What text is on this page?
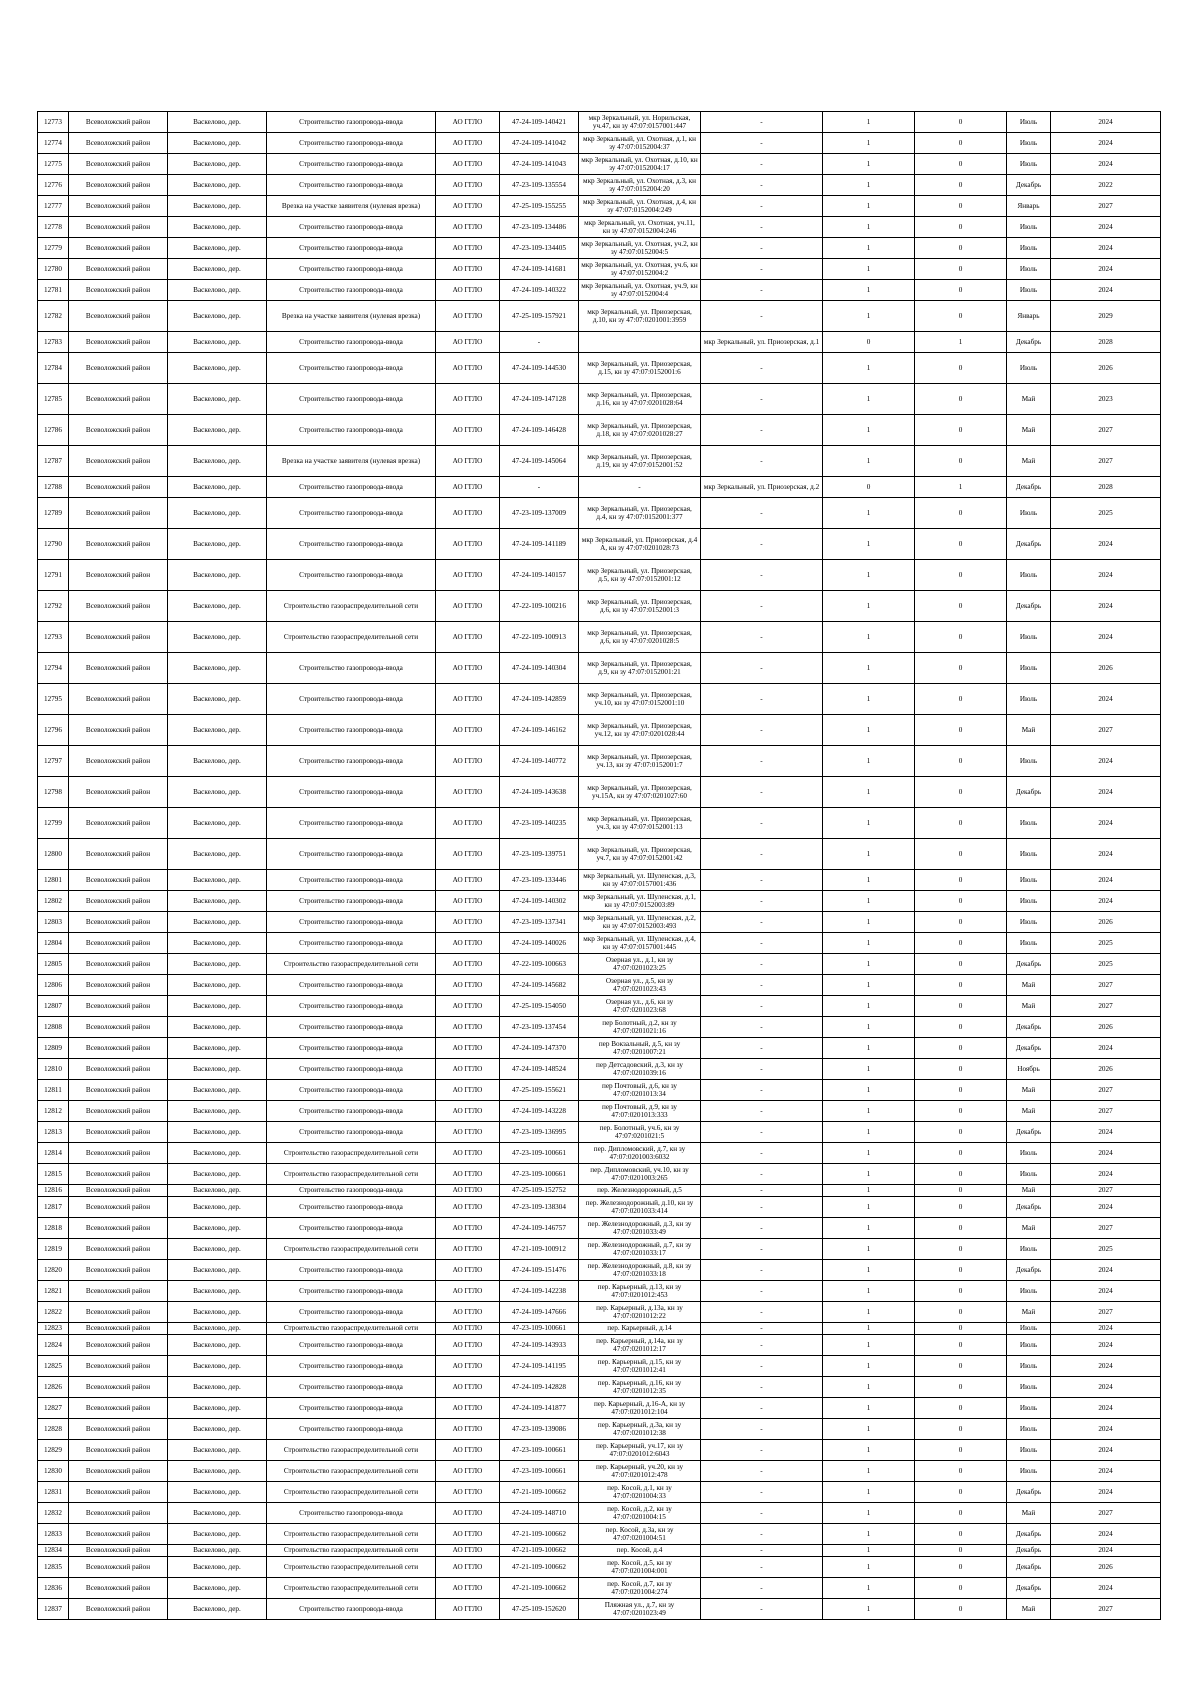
12773	Всеволожский район	Васкелово, дер.	Строительство газопровода-ввода	АО ГГЛО	47-24-109-140421	мкр Зеркальный, ул. Норильская, уч.47, кн зу 47:07:0157001:447	-	1	0	Июль	2024
12774	Всеволожский район	Васкелово, дер.	Строительство газопровода-ввода	АО ГГЛО	47-24-109-141042	мкр Зеркальный, ул. Охотная, д.1, кн зу 47:07:0152004:37	-	1	0	Июль	2024
12775	Всеволожский район	Васкелово, дер.	Строительство газопровода-ввода	АО ГГЛО	47-24-109-141043	мкр Зеркальный, ул. Охотная, д.10, кн зу 47:07:0152004:17	-	1	0	Июль	2024
12776	Всеволожский район	Васкелово, дер.	Строительство газопровода-ввода	АО ГГЛО	47-23-109-135554	мкр Зеркальный, ул. Охотная, д.3, кн зу 47:07:0152004:20	-	1	0	Декабрь	2022
12777	Всеволожский район	Васкелово, дер.	Врезка на участке заявителя (нулевая врезка)	АО ГГЛО	47-25-109-155255	мкр Зеркальный, ул. Охотная, д.4, кн зу 47:07:0152004:249	-	1	0	Январь	2027
12778	Всеволожский район	Васкелово, дер.	Строительство газопровода-ввода	АО ГГЛО	47-23-109-134486	мкр Зеркальный, ул. Охотная, уч.11, кн зу 47:07:0152004:246	-	1	0	Июль	2024
12779	Всеволожский район	Васкелово, дер.	Строительство газопровода-ввода	АО ГГЛО	47-23-109-134405	мкр Зеркальный, ул. Охотная, уч.2, кн зу 47:07:0152004:5	-	1	0	Июль	2024
12780	Всеволожский район	Васкелово, дер.	Строительство газопровода-ввода	АО ГГЛО	47-24-109-141681	мкр Зеркальный, ул. Охотная, уч.6, кн зу 47:07:0152004:2	-	1	0	Июль	2024
12781	Всеволожский район	Васкелово, дер.	Строительство газопровода-ввода	АО ГГЛО	47-24-109-140322	мкр Зеркальный, ул. Охотная, уч.9, кн зу 47:07:0152004:4	-	1	0	Июль	2024
12782	Всеволожский район	Васкелово, дер.	Врезка на участке заявителя (нулевая врезка)	АО ГГЛО	47-25-109-157921	мкр Зеркальный, ул. Приозерская, д.10, кн зу 47:07:0201001:3959	-	1	0	Январь	2029
12783	Всеволожский район	Васкелово, дер.	Строительство газопровода-ввода	АО ГГЛО	-		мкр Зеркальный, ул. Приозерская, д.1	0	1	Декабрь	2028
12784	Всеволожский район	Васкелово, дер.	Строительство газопровода-ввода	АО ГГЛО	47-24-109-144530	мкр Зеркальный, ул. Приозерская, д.15, кн зу 47:07:0152001:6	-	1	0	Июль	2026
12785	Всеволожский район	Васкелово, дер.	Строительство газопровода-ввода	АО ГГЛО	47-24-109-147128	мкр Зеркальный, ул. Приозерская, д.16, кн зу 47:07:0201028:64	-	1	0	Май	2023
12786	Всеволожский район	Васкелово, дер.	Строительство газопровода-ввода	АО ГГЛО	47-24-109-146428	мкр Зеркальный, ул. Приозерская, д.18, кн зу 47:07:0201028:27	-	1	0	Май	2027
12787	Всеволожский район	Васкелово, дер.	Врезка на участке заявителя (нулевая врезка)	АО ГГЛО	47-24-109-145064	мкр Зеркальный, ул. Приозерская, д.19, кн зу 47:07:0152001:52	-	1	0	Май	2027
12788	Всеволожский район	Васкелово, дер.	Строительство газопровода-ввода	АО ГГЛО	-	-	мкр Зеркальный, ул. Приозерская, д.2	0	1	Декабрь	2028
12789	Всеволожский район	Васкелово, дер.	Строительство газопровода-ввода	АО ГГЛО	47-23-109-137009	мкр Зеркальный, ул. Приозерская, д.4, кн зу 47:07:0152001:377	-	1	0	Июль	2025
12790	Всеволожский район	Васкелово, дер.	Строительство газопровода-ввода	АО ГГЛО	47-24-109-141189	мкр Зеркальный, ул. Приозерская, д.4 А, кн зу 47:07:0201028:73	-	1	0	Декабрь	2024
12791	Всеволожский район	Васкелово, дер.	Строительство газопровода-ввода	АО ГГЛО	47-24-109-140157	мкр Зеркальный, ул. Приозерская, д.5, кн зу 47:07:0152001:12	-	1	0	Июль	2024
12792	Всеволожский район	Васкелово, дер.	Строительство газораспределительной сети	АО ГГЛО	47-22-109-100216	мкр Зеркальный, ул. Приозерская, д.6, кн зу 47:07:0152001:3	-	1	0	Декабрь	2024
12793	Всеволожский район	Васкелово, дер.	Строительство газораспределительной сети	АО ГГЛО	47-22-109-100913	мкр Зеркальный, ул. Приозерская, д.6, кн зу 47:07:0201028:5	-	1	0	Июль	2024
12794	Всеволожский район	Васкелово, дер.	Строительство газопровода-ввода	АО ГГЛО	47-24-109-140304	мкр Зеркальный, ул. Приозерская, д.9, кн зу 47:07:0152001:21	-	1	0	Июль	2026
12795	Всеволожский район	Васкелово, дер.	Строительство газопровода-ввода	АО ГГЛО	47-24-109-142859	мкр Зеркальный, ул. Приозерская, уч.10, кн зу 47:07:0152001:10	-	1	0	Июль	2024
12796	Всеволожский район	Васкелово, дер.	Строительство газопровода-ввода	АО ГГЛО	47-24-109-146162	мкр Зеркальный, ул. Приозерская, уч.12, кн зу 47:07:0201028:44	-	1	0	Май	2027
12797	Всеволожский район	Васкелово, дер.	Строительство газопровода-ввода	АО ГГЛО	47-24-109-140772	мкр Зеркальный, ул. Приозерская, уч.13, кн зу 47:07:0152001:7	-	1	0	Июль	2024
12798	Всеволожский район	Васкелово, дер.	Строительство газопровода-ввода	АО ГГЛО	47-24-109-143638	мкр Зеркальный, ул. Приозерская, уч.15А, кн зу 47:07:0201027:60	-	1	0	Декабрь	2024
12799	Всеволожский район	Васкелово, дер.	Строительство газопровода-ввода	АО ГГЛО	47-23-109-140235	мкр Зеркальный, ул. Приозерская, уч.3, кн зу 47:07:0152001:13	-	1	0	Июль	2024
12800	Всеволожский район	Васкелово, дер.	Строительство газопровода-ввода	АО ГГЛО	47-23-109-139751	мкр Зеркальный, ул. Приозерская, уч.7, кн зу 47:07:0152001:42	-	1	0	Июль	2024
12801	Всеволожский район	Васкелово, дер.	Строительство газопровода-ввода	АО ГГЛО	47-23-109-133446	мкр Зеркальный, ул. Шуленская, д.3, кн зу 47:07:0157001:436	-	1	0	Июль	2024
12802	Всеволожский район	Васкелово, дер.	Строительство газопровода-ввода	АО ГГЛО	47-24-109-140302	мкр Зеркальный, ул. Шуленская, д.1, кн зу 47:07:0152003:89	-	1	0	Июль	2024
12803	Всеволожский район	Васкелово, дер.	Строительство газопровода-ввода	АО ГГЛО	47-23-109-137341	мкр Зеркальный, ул. Шуленская, д.2, кн зу 47:07:0152003:493	-	1	0	Июль	2026
12804	Всеволожский район	Васкелово, дер.	Строительство газопровода-ввода	АО ГГЛО	47-24-109-140026	мкр Зеркальный, ул. Шуленская, д.4, кн зу 47:07:0157001:445	-	1	0	Июль	2025
12805	Всеволожский район	Васкелово, дер.	Строительство газораспределительной сети	АО ГГЛО	47-22-109-100663	Озерная ул., д.1, кн зу 47:07:0201023:25	-	1	0	Декабрь	2025
12806	Всеволожский район	Васкелово, дер.	Строительство газопровода-ввода	АО ГГЛО	47-24-109-145682	Озерная ул., д.5, кн зу 47:07:0201023:43	-	1	0	Май	2027
12807	Всеволожский район	Васкелово, дер.	Строительство газопровода-ввода	АО ГГЛО	47-25-109-154050	Озерная ул., д.6, кн зу 47:07:0201023:68	-	1	0	Май	2027
12808	Всеволожский район	Васкелово, дер.	Строительство газопровода-ввода	АО ГГЛО	47-23-109-137454	пер Болотный, д.2, кн зу 47:07:0201021:16	-	1	0	Декабрь	2026
12809	Всеволожский район	Васкелово, дер.	Строительство газопровода-ввода	АО ГГЛО	47-24-109-147370	пер Вокзальный, д.5, кн зу 47:07:0201007:21	-	1	0	Декабрь	2024
12810	Всеволожский район	Васкелово, дер.	Строительство газопровода-ввода	АО ГГЛО	47-24-109-148524	пер Детсадовский, д.3, кн зу 47:07:0201039:16	-	1	0	Ноябрь	2026
12811	Всеволожский район	Васкелово, дер.	Строительство газопровода-ввода	АО ГГЛО	47-25-109-155621	пер Почтовый, д.6, кн зу 47:07:0201013:34	-	1	0	Май	2027
12812	Всеволожский район	Васкелово, дер.	Строительство газопровода-ввода	АО ГГЛО	47-24-109-143228	пер Почтовый, д.9, кн зу 47:07:0201013:333	-	1	0	Май	2027
12813	Всеволожский район	Васкелово, дер.	Строительство газопровода-ввода	АО ГГЛО	47-23-109-136995	пер. Болотный, уч.6, кн зу 47:07:0201021:5	-	1	0	Декабрь	2024
12814	Всеволожский район	Васкелово, дер.	Строительство газораспределительной сети	АО ГГЛО	47-23-109-100661	пер. Дипломовский, д.7, кн зу 47:07:0201003:6032	-	1	0	Июль	2024
12815	Всеволожский район	Васкелово, дер.	Строительство газораспределительной сети	АО ГГЛО	47-23-109-100661	пер. Дипломовский, уч.10, кн зу 47:07:0201003:265	-	1	0	Июль	2024
12816	Всеволожский район	Васкелово, дер.	Строительство газопровода-ввода	АО ГГЛО	47-25-109-152752	пер. Железнодорожный, д.5	-	1	0	Май	2027
12817	Всеволожский район	Васкелово, дер.	Строительство газопровода-ввода	АО ГГЛО	47-23-109-138304	пер. Железнодорожный, д.10, кн зу 47:07:0201033:414	-	1	0	Декабрь	2024
12818	Всеволожский район	Васкелово, дер.	Строительство газопровода-ввода	АО ГГЛО	47-24-109-146757	пер. Железнодорожный, д.3, кн зу 47:07:0201033:49	-	1	0	Май	2027
12819	Всеволожский район	Васкелово, дер.	Строительство газораспределительной сети	АО ГГЛО	47-21-109-100912	пер. Железнодорожный, д.7, кн зу 47:07:0201033:17	-	1	0	Июль	2025
12820	Всеволожский район	Васкелово, дер.	Строительство газопровода-ввода	АО ГГЛО	47-24-109-151476	пер. Железнодорожный, д.8, кн зу 47:07:0201033:18	-	1	0	Декабрь	2024
12821	Всеволожский район	Васкелово, дер.	Строительство газопровода-ввода	АО ГГЛО	47-24-109-142238	пер. Карьерный, д.13, кн зу 47:07:0201012:453	-	1	0	Июль	2024
12822	Всеволожский район	Васкелово, дер.	Строительство газопровода-ввода	АО ГГЛО	47-24-109-147666	пер. Карьерный, д.13а, кн зу 47:07:0201012:22	-	1	0	Май	2027
12823	Всеволожский район	Васкелово, дер.	Строительство газораспределительной сети	АО ГГЛО	47-23-109-100661	пер. Карьерный, д.14	-	1	0	Июль	2024
12824	Всеволожский район	Васкелово, дер.	Строительство газопровода-ввода	АО ГГЛО	47-24-109-143933	пер. Карьерный, д.14а, кн зу 47:07:0201012:17	-	1	0	Июль	2024
12825	Всеволожский район	Васкелово, дер.	Строительство газопровода-ввода	АО ГГЛО	47-24-109-141195	пер. Карьерный, д.15, кн зу 47:07:0201012:41	-	1	0	Июль	2024
12826	Всеволожский район	Васкелово, дер.	Строительство газопровода-ввода	АО ГГЛО	47-24-109-142828	пер. Карьерный, д.16, кн зу 47:07:0201012:35	-	1	0	Июль	2024
12827	Всеволожский район	Васкелово, дер.	Строительство газопровода-ввода	АО ГГЛО	47-24-109-141877	пер. Карьерный, д.16-А, кн зу 47:07:0201012:104	-	1	0	Июль	2024
12828	Всеволожский район	Васкелово, дер.	Строительство газопровода-ввода	АО ГГЛО	47-23-109-139086	пер. Карьерный, д.3а, кн зу 47:07:0201012:38	-	1	0	Июль	2024
12829	Всеволожский район	Васкелово, дер.	Строительство газораспределительной сети	АО ГГЛО	47-23-109-100661	пер. Карьерный, уч.17, кн зу 47:07:0201012:6043	-	1	0	Июль	2024
12830	Всеволожский район	Васкелово, дер.	Строительство газораспределительной сети	АО ГГЛО	47-23-109-100661	пер. Карьерный, уч.20, кн зу 47:07:0201012:478	-	1	0	Июль	2024
12831	Всеволожский район	Васкелово, дер.	Строительство газораспределительной сети	АО ГГЛО	47-21-109-100662	пер. Косой, д.1, кн зу 47:07:0201004:33	-	1	0	Декабрь	2024
12832	Всеволожский район	Васкелово, дер.	Строительство газопровода-ввода	АО ГГЛО	47-24-109-148710	пер. Косой, д.2, кн зу 47:07:0201004:15	-	1	0	Май	2027
12833	Всеволожский район	Васкелово, дер.	Строительство газораспределительной сети	АО ГГЛО	47-21-109-100662	пер. Косой, д.3а, кн зу 47:07:0201004:51	-	1	0	Декабрь	2024
12834	Всеволожский район	Васкелово, дер.	Строительство газораспределительной сети	АО ГГЛО	47-21-109-100662	пер. Косой, д.4	-	1	0	Декабрь	2024
12835	Всеволожский район	Васкелово, дер.	Строительство газораспределительной сети	АО ГГЛО	47-21-109-100662	пер. Косой, д.5, кн зу 47:07:0201004:001	-	1	0	Декабрь	2026
12836	Всеволожский район	Васкелово, дер.	Строительство газораспределительной сети	АО ГГЛО	47-21-109-100662	пер. Косой, д.7, кн зу 47:07:0201004:274	-	1	0	Декабрь	2024
12837	Всеволожский район	Васкелово, дер.	Строительство газопровода-ввода	АО ГГЛО	47-25-109-152620	Пляжная ул., д.7, кн зу 47:07:0201023:49	-	1	0	Май	2027
